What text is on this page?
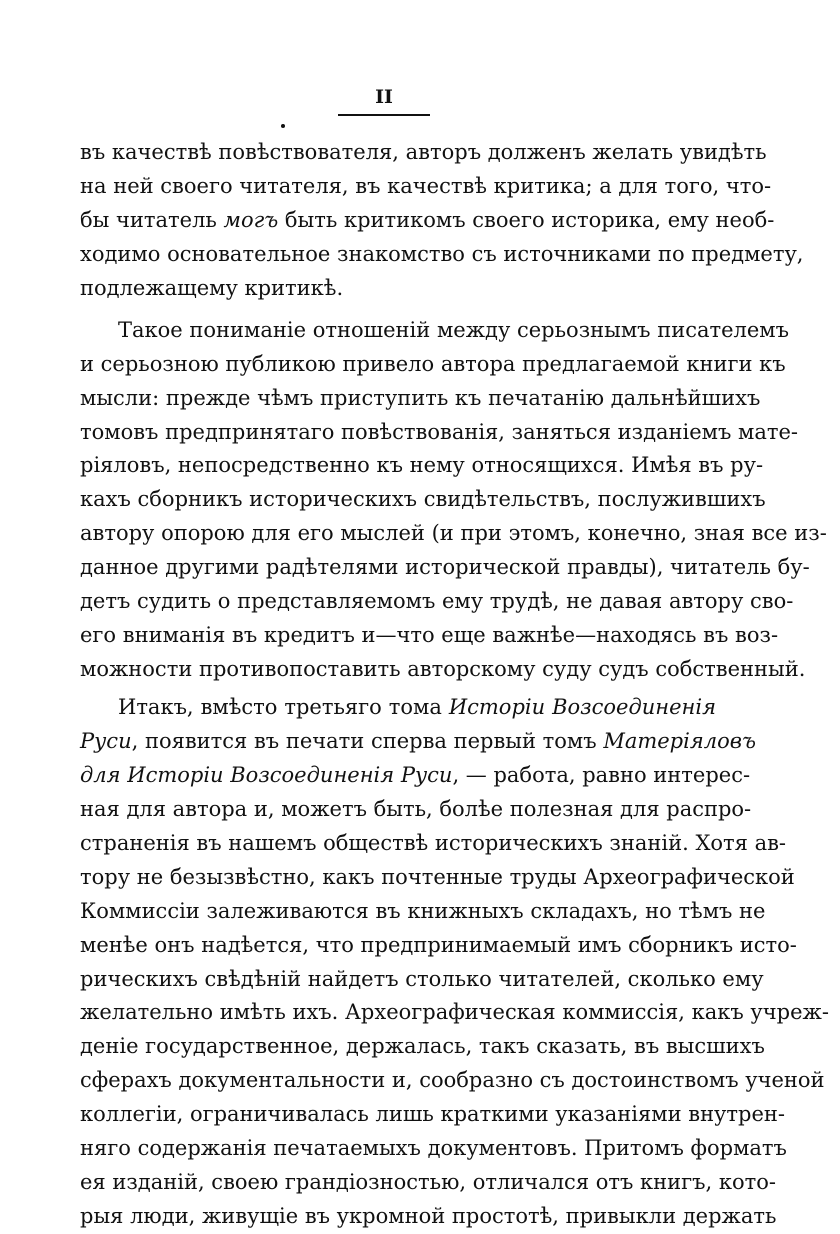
II
въ качествѣ повѣствователя, авторъ долженъ желать увидѣть
на ней своего читателя, въ качествѣ критика; а для того, что-
бы читатель могъ быть критикомъ своего историка, ему необ-
ходимо основательное знакомство съ источниками по предмету,
подлежащему критикѣ.
Такое пониманіе отношеній между серьознымъ писателемъ
и серьозною публикою привело автора предлагаемой книги къ
мысли: прежде чѣмъ приступить къ печатанію дальнѣйшихъ
томовъ предпринятаго повѣствованія, заняться изданіемъ мате-
ріяловъ, непосредственно къ нему относящихся. Имѣя въ ру-
кахъ сборникъ историческихъ свидѣтельствъ, послужившихъ
автору опорою для его мыслей (и при этомъ, конечно, зная все из-
данное другими радѣтелями исторической правды), читатель бу-
детъ судить о представляемомъ ему трудѣ, не давая автору сво-
его вниманія въ кредитъ и—что еще важнѣе—находясь въ воз-
можности противопоставить авторскому суду судъ собственный.
Итакъ, вмѣсто третьяго тома Исторіи Возсоединенія
Руси, появится въ печати сперва первый томъ Матеріяловъ
для Исторіи Возсоединенія Руси, — работа, равно интерес-
ная для автора и, можетъ быть, болѣе полезная для распро-
страненія въ нашемъ обществѣ историческихъ знаній. Хотя ав-
тору не безызвѣстно, какъ почтенные труды Археографической
Коммиссіи залеживаются въ книжныхъ складахъ, но тѣмъ не
менѣе онъ надѣется, что предпринимаемый имъ сборникъ исто-
рическихъ свѣдѣній найдетъ столько читателей, сколько ему
желательно имѣть ихъ. Археографическая коммиссія, какъ учреж-
деніе государственное, держалась, такъ сказать, въ высшихъ
сферахъ документальности и, сообразно съ достоинствомъ ученой
коллегіи, ограничивалась лишь краткими указаніями внутрен-
няго содержанія печатаемыхъ документовъ. Притомъ форматъ
ея изданій, своею грандіозностью, отличался отъ книгъ, кото-
рыя люди, живущіе въ укромной простотѣ, привыкли держать
